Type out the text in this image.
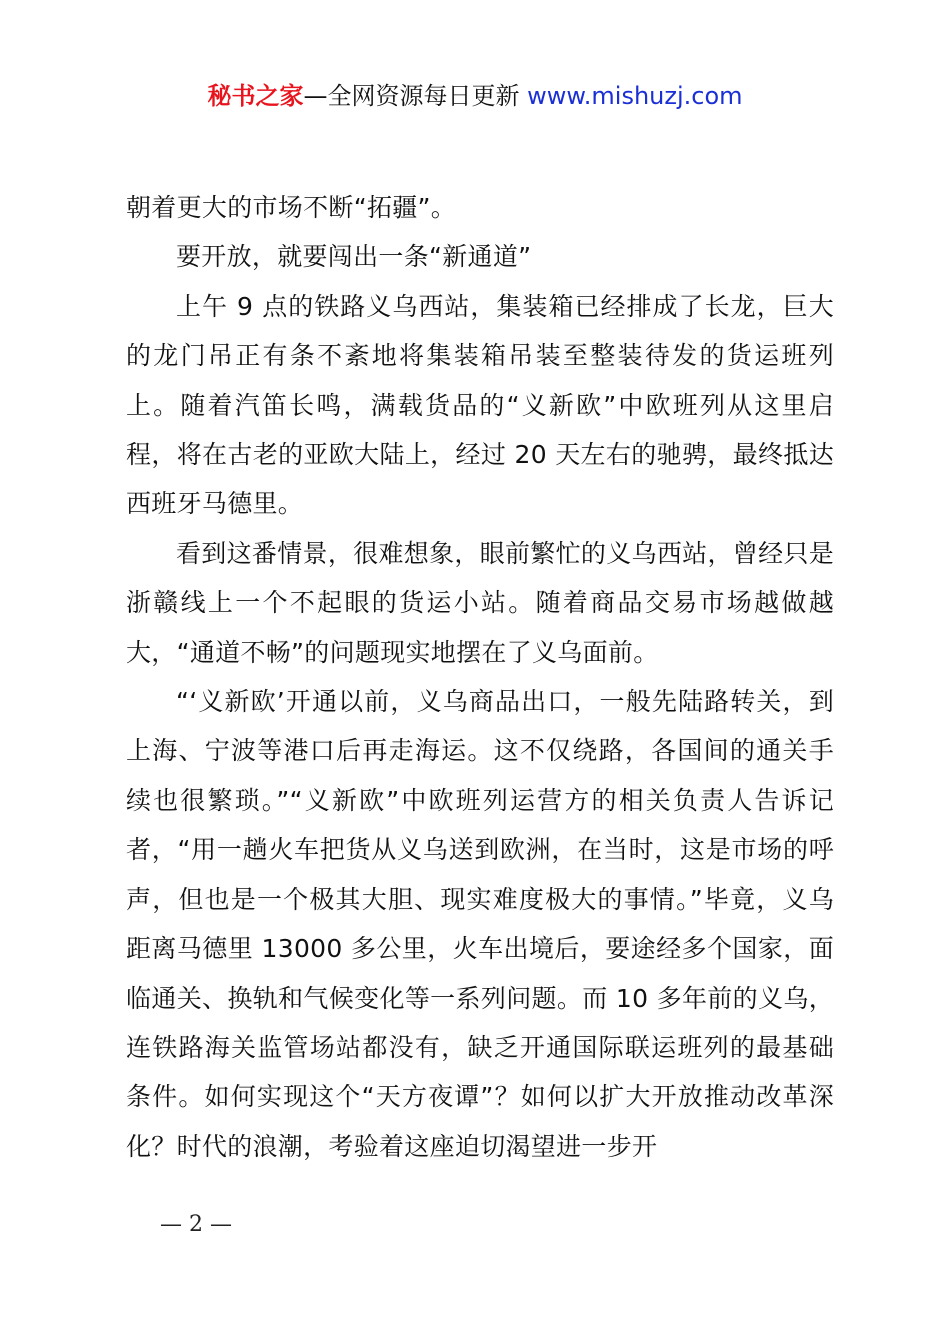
秘书之家—全网资源每日更新 www.mishuzj.com

朝着更大的市场不断“拓疆”。

要开放，就要闯出一条“新通道”

上午 9 点的铁路义乌西站，集装箱已经排成了长龙，巨大的龙门吊正有条不紊地将集装箱吊装至整装待发的货运班列上。随着汽笛长鸣，满载货品的“义新欧”中欧班列从这里启程，将在古老的亚欧大陆上，经过 20 天左右的驰骋，最终抵达西班牙马德里。

看到这番情景，很难想象，眼前繁忙的义乌西站，曾经只是浙赣线上一个不起眼的货运小站。随着商品交易市场越做越大，“通道不畅”的问题现实地摆在了义乌面前。

“‘义新欧’开通以前，义乌商品出口，一般先陆路转关，到上海、宁波等港口后再走海运。这不仅绕路，各国间的通关手续也很繁琐。”“义新欧”中欧班列运营方的相关负责人告诉记者，“用一趟火车把货从义乌送到欧洲，在当时，这是市场的呼声，但也是一个极其大胆、现实难度极大的事情。”毕竟，义乌距离马德里 13000 多公里，火车出境后，要途经多个国家，面临通关、换轨和气候变化等一系列问题。而 10 多年前的义乌，连铁路海关监管场站都没有，缺乏开通国际联运班列的最基础条件。如何实现这个“天方夜谭”？如何以扩大开放推动改革深化？时代的浪潮，考验着这座迫切渴望进一步开

— 2 —
